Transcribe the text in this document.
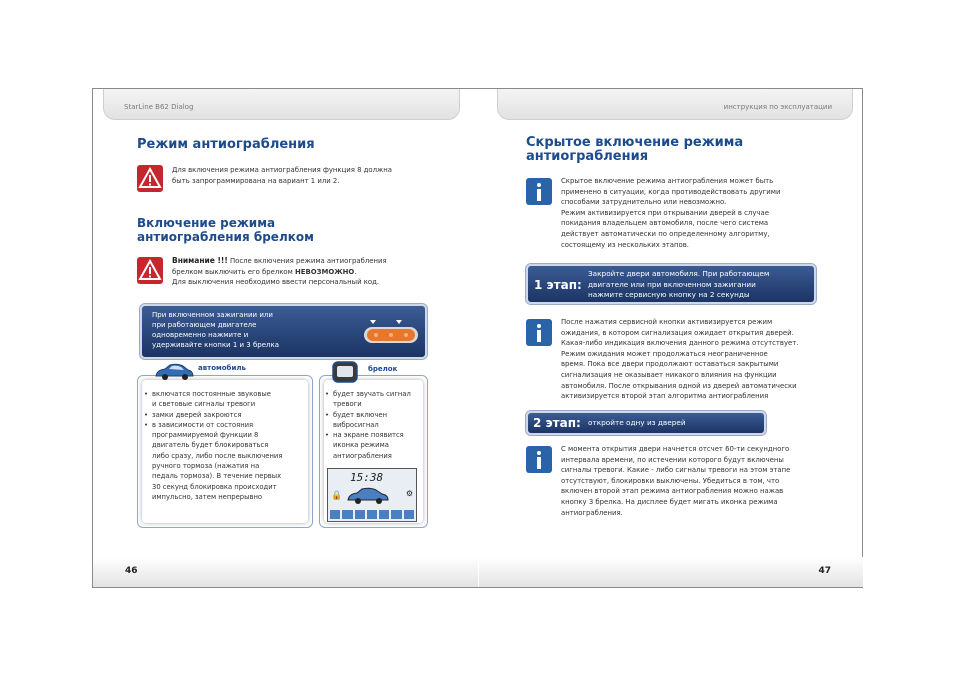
StarLine B62 Dialog
Режим антиограбления
Для включения режима антиограбления функция 8 должна
быть запрограммирована на вариант 1 или 2.
Включение режима
антиограбления брелком
Внимание !!! После включения режима антиограбления
брелком выключить его брелком НЕВОЗМОЖНО.
Для выключения необходимо ввести персональный код.
При включенном зажигании или
при работающем двигателе
одновременно нажмите и
удерживайте кнопки 1 и 3 брелка
автомобиль
• включатся постоянные звуковые
и световые сигналы тревоги
• замки дверей закроются
• в зависимости от состояния
программируемой функции 8
двигатель будет блокироваться
либо сразу, либо после выключения
ручного тормоза (нажатия на
педаль тормоза). В течение первых
30 секунд блокировка происходит
импульсно, затем непрерывно
брелок
• будет звучать сигнал
тревоги
• будет включен
вибросигнал
• на экране появится
иконка режима
антиограбления
15:38
🔒	⚙
46
инструкция по эксплуатации
Скрытое включение режима
антиограбления
Скрытое включение режима антиограбления может быть
применено в ситуации, когда противодействовать другими
способами затруднительно или невозможно.
Режим активизируется при открывании дверей в случае
покидания владельцем автомобиля, после чего система
действует автоматически по определенному алгоритму,
состоящему из нескольких этапов.
1 этап:
Закройте двери автомобиля. При работающем
двигателе или при включенном зажигании
нажмите сервисную кнопку на 2 секунды
После нажатия сервисной кнопки активизируется режим
ожидания, в котором сигнализация ожидает открытия дверей.
Какая-либо индикация включения данного режима отсутствует.
Режим ожидания может продолжаться неограниченное
время. Пока все двери продолжают оставаться закрытыми
сигнализация не оказывает никакого влияния на функции
автомобиля. После открывания одной из дверей автоматически
активизируется второй этап алгоритма антиограбления
2 этап: откройте одну из дверей
С момента открытия двери начнется отсчет 60-ти секундного
интервала времени, по истечении которого будут включены
сигналы тревоги. Какие - либо сигналы тревоги на этом этапе
отсутствуют, блокировки выключены. Убедиться в том, что
включен второй этап режима антиограбления можно нажав
кнопку 3 брелка. На дисплее будет мигать иконка режима
антиограбления.
47
